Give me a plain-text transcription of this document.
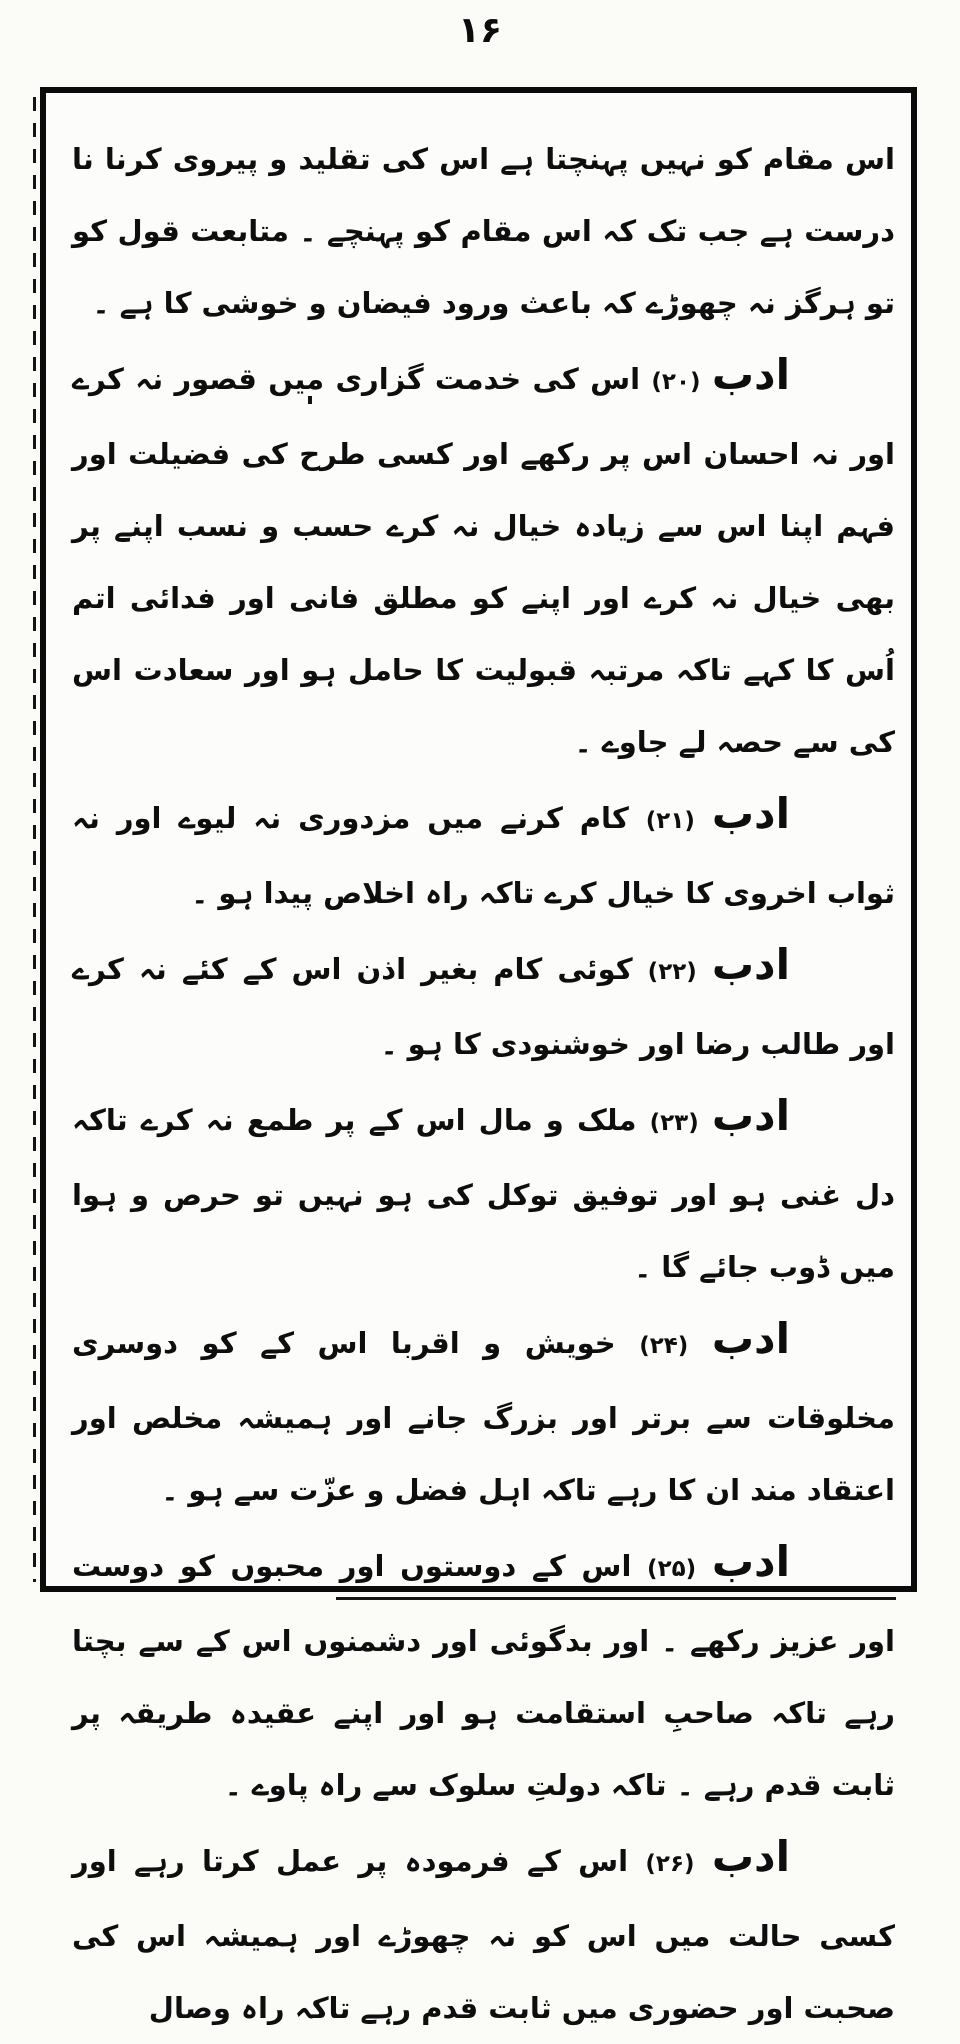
۱۶

اس مقام کو نہیں پہنچتا ہے اس کی تقلید و پیروی کرنا نا درست ہے جب تک کہ اس مقام کو پہنچے ۔ متابعت قول کو تو ہرگز نہ چھوڑے کہ باعث ورود فیضان و خوشی کا ہے ۔

ادب (۲۰) اس کی خدمت گزاری میں قصور نہ کرے اور نہ احسان اس پر رکھے اور کسی طرح کی فضیلت اور فہم اپنا اس سے زیادہ خیال نہ کرے حسب و نسب اپنے پر بھی خیال نہ کرے اور اپنے کو مطلق فانی اور فدائی اتم اُس کا کہے تاکہ مرتبہ قبولیت کا حامل ہو اور سعادت اس کی سے حصہ لے جاوے ۔

ادب (۲۱) کام کرنے میں مزدوری نہ لیوے اور نہ ثواب اخروی کا خیال کرے تاکہ راہ اخلاص پیدا ہو ۔

ادب (۲۲) کوئی کام بغیر اذن اس کے کئے نہ کرے اور طالب رضا اور خوشنودی کا ہو ۔

ادب (۲۳) ملک و مال اس کے پر طمع نہ کرے تاکہ دل غنی ہو اور توفیق توکل کی ہو نہیں تو حرص و ہوا میں ڈوب جائے گا ۔

ادب (۲۴) خویش و اقربا اس کے کو دوسری مخلوقات سے برتر اور بزرگ جانے اور ہمیشہ مخلص اور اعتقاد مند ان کا رہے تاکہ اہل فضل و عزّت سے ہو ۔

ادب (۲۵) اس کے دوستوں اور محبوں کو دوست اور عزیز رکھے ۔ اور بدگوئی اور دشمنوں اس کے سے بچتا رہے تاکہ صاحبِ استقامت ہو اور اپنے عقیدہ طریقہ پر ثابت قدم رہے ۔ تاکہ دولتِ سلوک سے راہ پاوے ۔

ادب (۲۶) اس کے فرمودہ پر عمل کرتا رہے اور کسی حالت میں اس کو نہ چھوڑے اور ہمیشہ اس کی صحبت اور حضوری میں ثابت قدم رہے تاکہ راہ وصال
